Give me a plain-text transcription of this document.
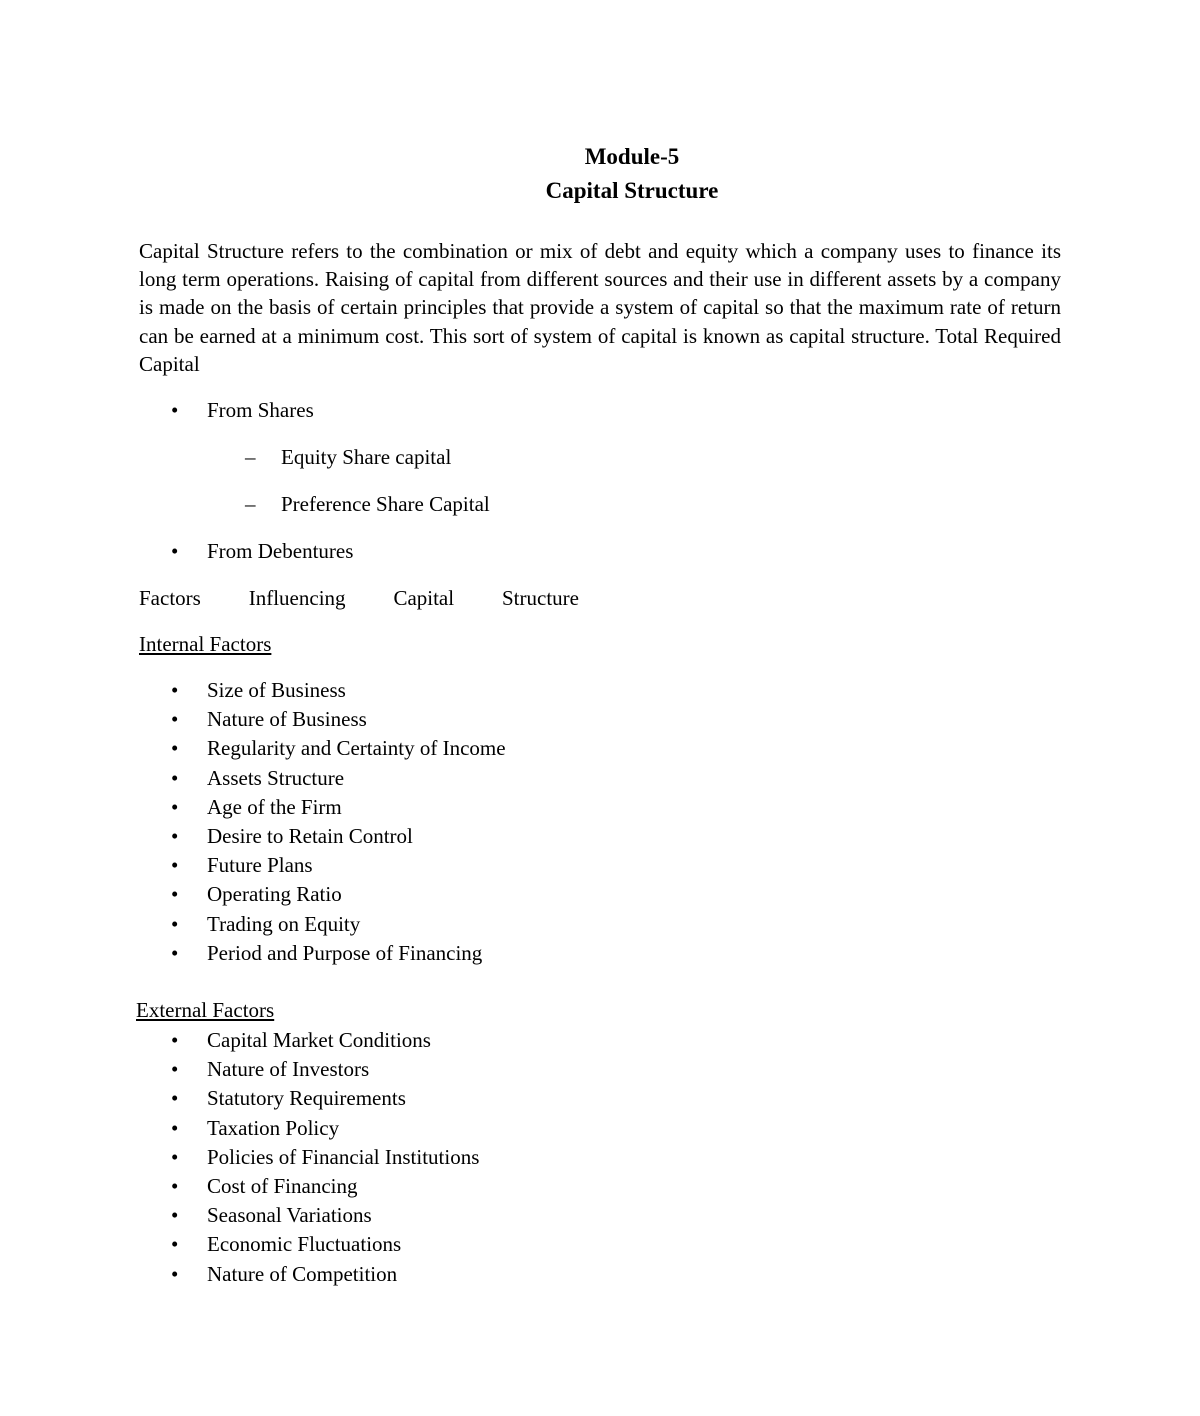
Module-5
Capital Structure

Capital Structure refers to the combination or mix of debt and equity which a company uses to finance its long term operations. Raising of capital from different sources and their use in different assets by a company is made on the basis of certain principles that provide a system of capital so that the maximum rate of return can be earned at a minimum cost. This sort of system of capital is known as capital structure. Total Required Capital

• From Shares
– Equity Share capital
– Preference Share Capital
• From Debentures
Factors Influencing Capital Structure
Internal Factors
• Size of Business
• Nature of Business
• Regularity and Certainty of Income
• Assets Structure
• Age of the Firm
• Desire to Retain Control
• Future Plans
• Operating Ratio
• Trading on Equity
• Period and Purpose of Financing
External Factors
• Capital Market Conditions
• Nature of Investors
• Statutory Requirements
• Taxation Policy
• Policies of Financial Institutions
• Cost of Financing
• Seasonal Variations
• Economic Fluctuations
• Nature of Competition
